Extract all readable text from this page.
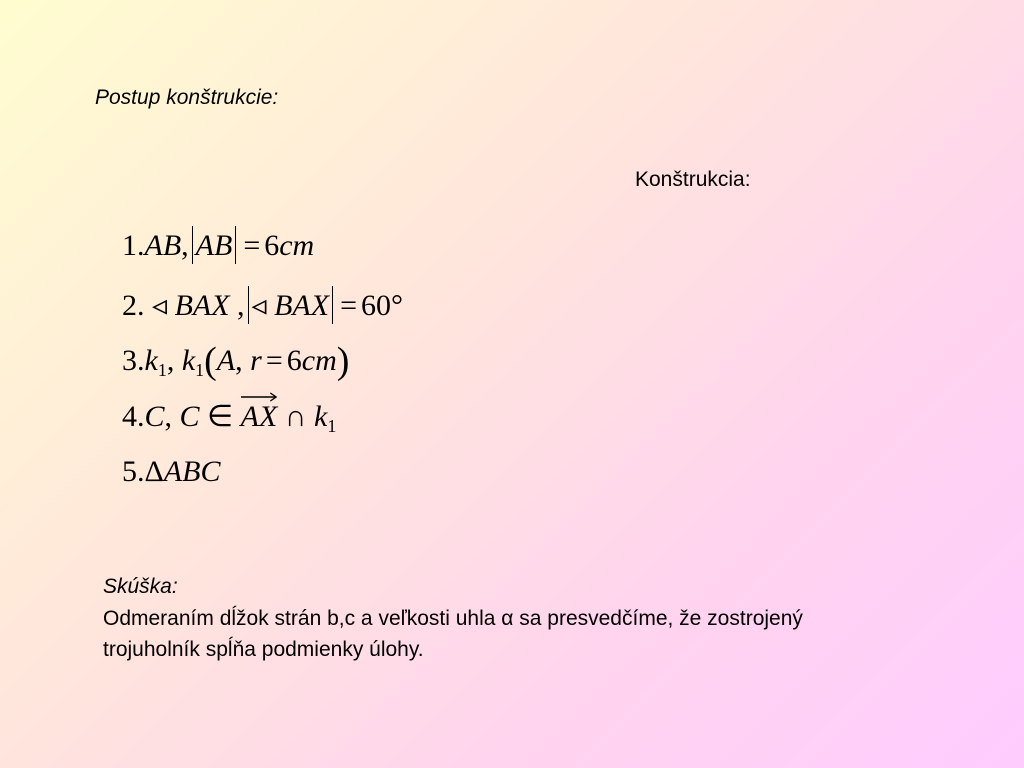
Postup konštrukcie:
Konštrukcia:
1.AB, AB = 6cm
2. ◃ BAX , ◃ BAX = 60°
$3.k_1$, $k_1(A$, r = 6cm)
4.C, C ∈ AX ∩ $k_1$
5.ΔABC
Skúška:
Odmeraním dĺžok strán b,c a veľkosti uhla α sa presvedčíme, že zostrojený
trojuholník spĺňa podmienky úlohy.
